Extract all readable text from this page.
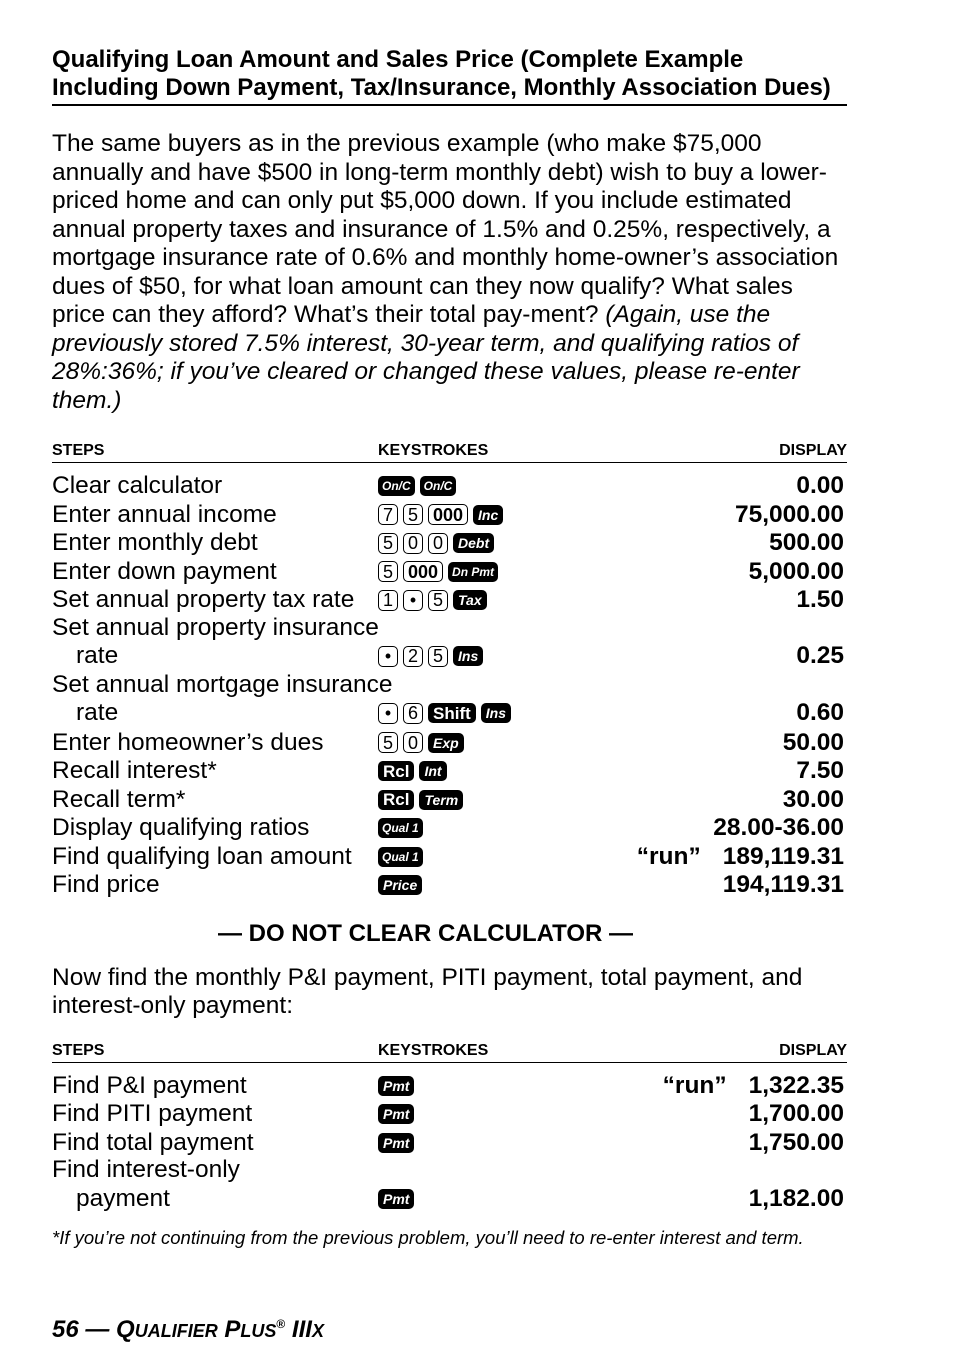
Qualifying Loan Amount and Sales Price (Complete Example Including Down Payment, Tax/Insurance, Monthly Association Dues)
The same buyers as in the previous example (who make $75,000 annually and have $500 in long-term monthly debt) wish to buy a lower-priced home and can only put $5,000 down. If you include estimated annual property taxes and insurance of 1.5% and 0.25%, respectively, a mortgage insurance rate of 0.6% and monthly home-owner’s association dues of $50, for what loan amount can they now qualify? What sales price can they afford? What’s their total pay-ment? (Again, use the previously stored 7.5% interest, 30-year term, and qualifying ratios of 28%:36%; if you’ve cleared or changed these values, please re-enter them.)
STEPS	KEYSTROKES	DISPLAY
Clear calculator	On/C	On/C	0.00
Enter annual income	7 5 000	Inc	75,000.00
Enter monthly debt	5 0 0	Debt	500.00
Enter down payment	5 000	Dn Pmt	5,000.00
Set annual property tax rate	1 • 5	Tax	1.50
Set annual property insurance
rate	• 2 5	Ins	0.25
Set annual mortgage insurance
rate	• 6 Shift	Ins	0.60
Enter homeowner’s dues	5 0	Exp	50.00
Recall interest*	Rcl	Int	7.50
Recall term*	Rcl	Term	30.00
Display qualifying ratios	Qual 1	28.00-36.00
Find qualifying loan amount	Qual 1	“run” 189,119.31
Find price	Price	194,119.31
— DO NOT CLEAR CALCULATOR —
Now find the monthly P&I payment, PITI payment, total payment, and interest-only payment:
STEPS	KEYSTROKES	DISPLAY
Find P&I payment	Pmt	“run” 1,322.35
Find PITI payment	Pmt	1,700.00
Find total payment	Pmt	1,750.00
Find interest-only
payment	Pmt	1,182.00
*If you’re not continuing from the previous problem, you’ll need to re-enter interest and term.
56 — QUALIFIER PLUS® IIIX
